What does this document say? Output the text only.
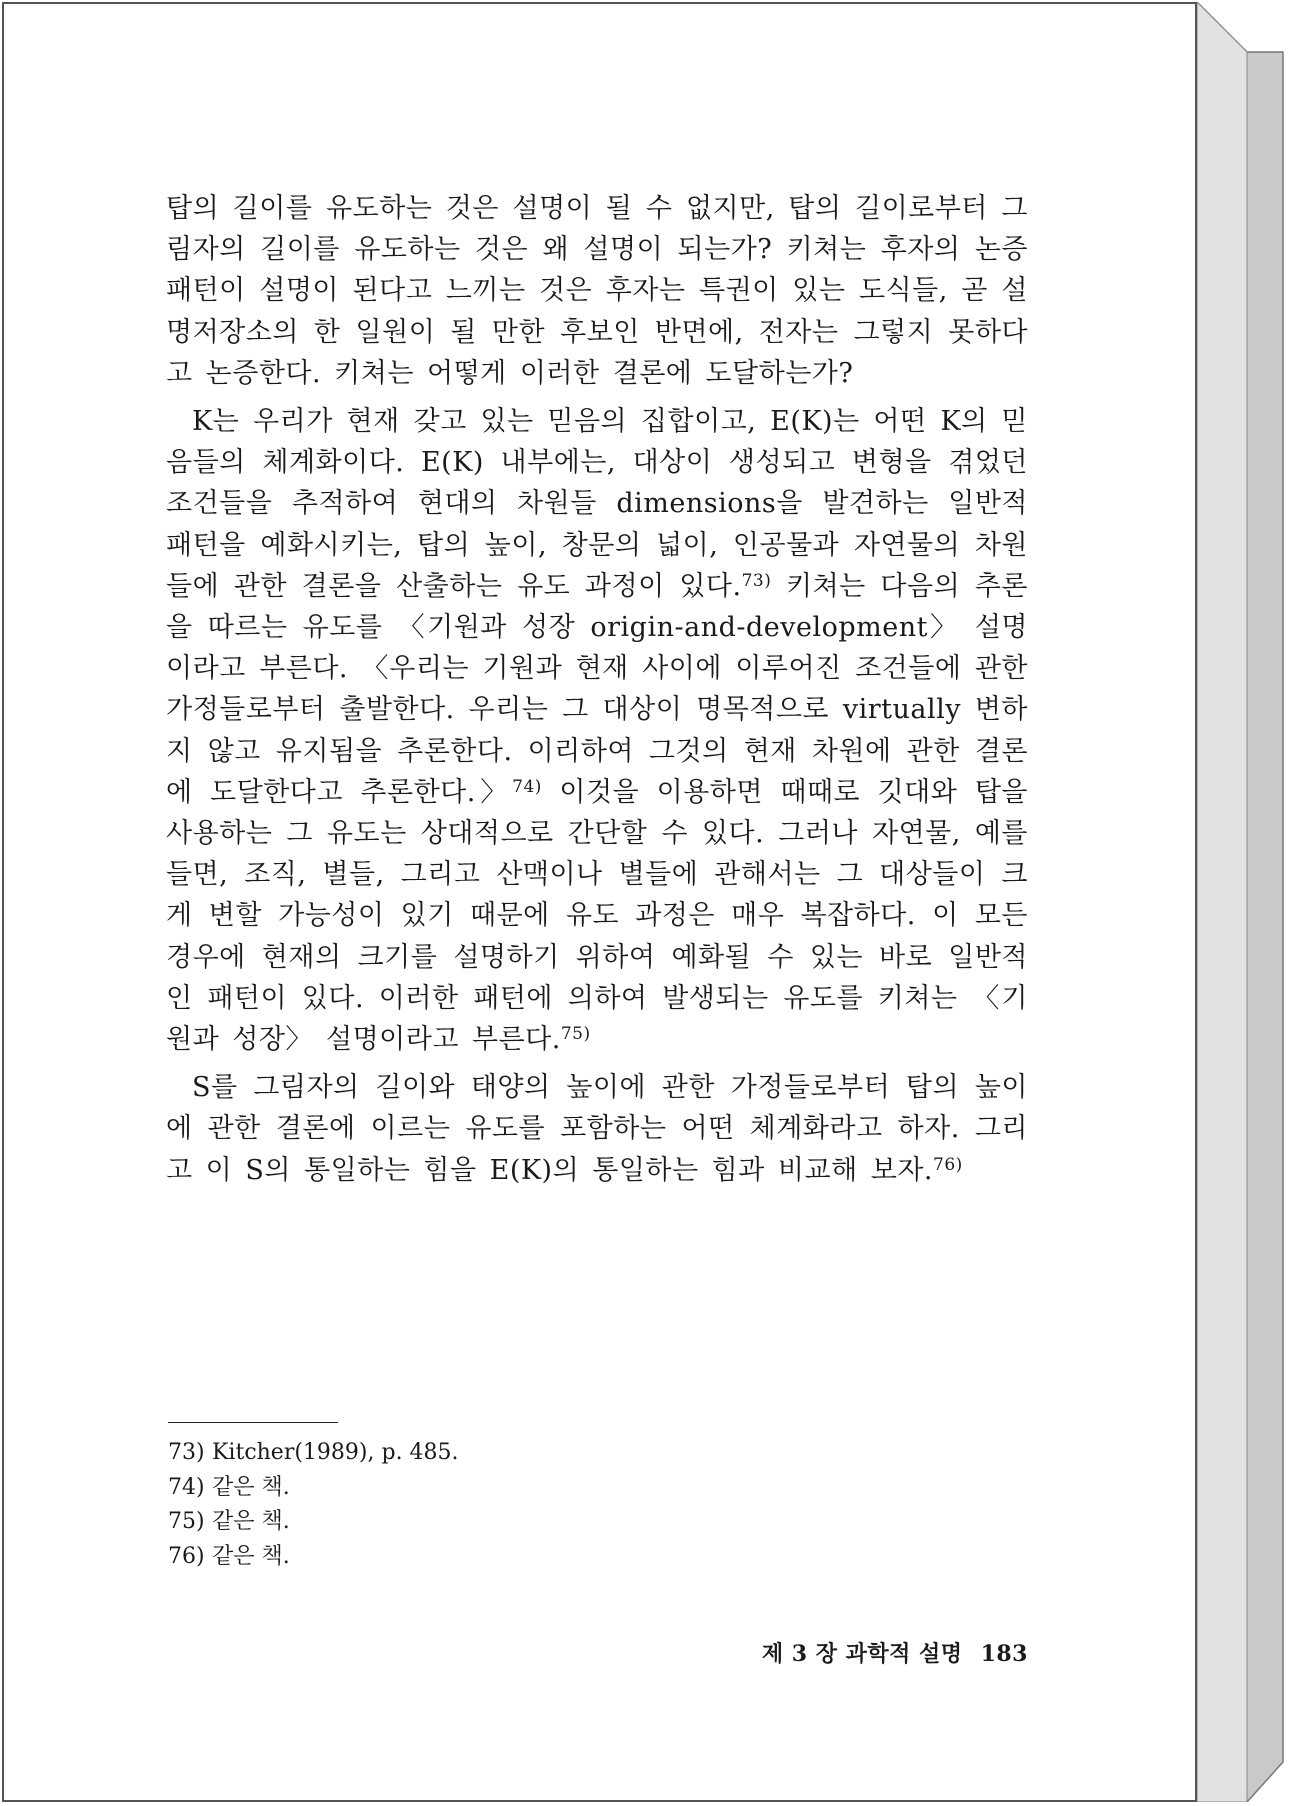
탑의 길이를 유도하는 것은 설명이 될 수 없지만, 탑의 길이로부터 그림자의 길이를 유도하는 것은 왜 설명이 되는가? 키쳐는 후자의 논증 패턴이 설명이 된다고 느끼는 것은 후자는 특권이 있는 도식들, 곧 설명저장소의 한 일원이 될 만한 후보인 반면에, 전자는 그렇지 못하다고 논증한다. 키쳐는 어떻게 이러한 결론에 도달하는가?

K는 우리가 현재 갖고 있는 믿음의 집합이고, E(K)는 어떤 K의 믿음들의 체계화이다. E(K) 내부에는, 대상이 생성되고 변형을 겪었던 조건들을 추적하여 현대의 차원들 dimensions을 발견하는 일반적 패턴을 예화시키는, 탑의 높이, 창문의 넓이, 인공물과 자연물의 차원들에 관한 결론을 산출하는 유도 과정이 있다.$^{73)}$ 키쳐는 다음의 추론을 따르는 유도를 〈기원과 성장 origin-and-development〉 설명이라고 부른다. 〈우리는 기원과 현재 사이에 이루어진 조건들에 관한 가정들로부터 출발한다. 우리는 그 대상이 명목적으로 virtually 변하지 않고 유지됨을 추론한다. 이리하여 그것의 현재 차원에 관한 결론에 도달한다고 추론한다.〉$^{74)}$ 이것을 이용하면 때때로 깃대와 탑을 사용하는 그 유도는 상대적으로 간단할 수 있다. 그러나 자연물, 예를 들면, 조직, 별들, 그리고 산맥이나 별들에 관해서는 그 대상들이 크게 변할 가능성이 있기 때문에 유도 과정은 매우 복잡하다. 이 모든 경우에 현재의 크기를 설명하기 위하여 예화될 수 있는 바로 일반적인 패턴이 있다. 이러한 패턴에 의하여 발생되는 유도를 키쳐는 〈기원과 성장〉 설명이라고 부른다.$^{75)}$

S를 그림자의 길이와 태양의 높이에 관한 가정들로부터 탑의 높이에 관한 결론에 이르는 유도를 포함하는 어떤 체계화라고 하자. 그리고 이 S의 통일하는 힘을 E(K)의 통일하는 힘과 비교해 보자.$^{76)}$

73) Kitcher(1989), p. 485.
74) 같은 책.
75) 같은 책.
76) 같은 책.
제 3 장 과학적 설명 183
